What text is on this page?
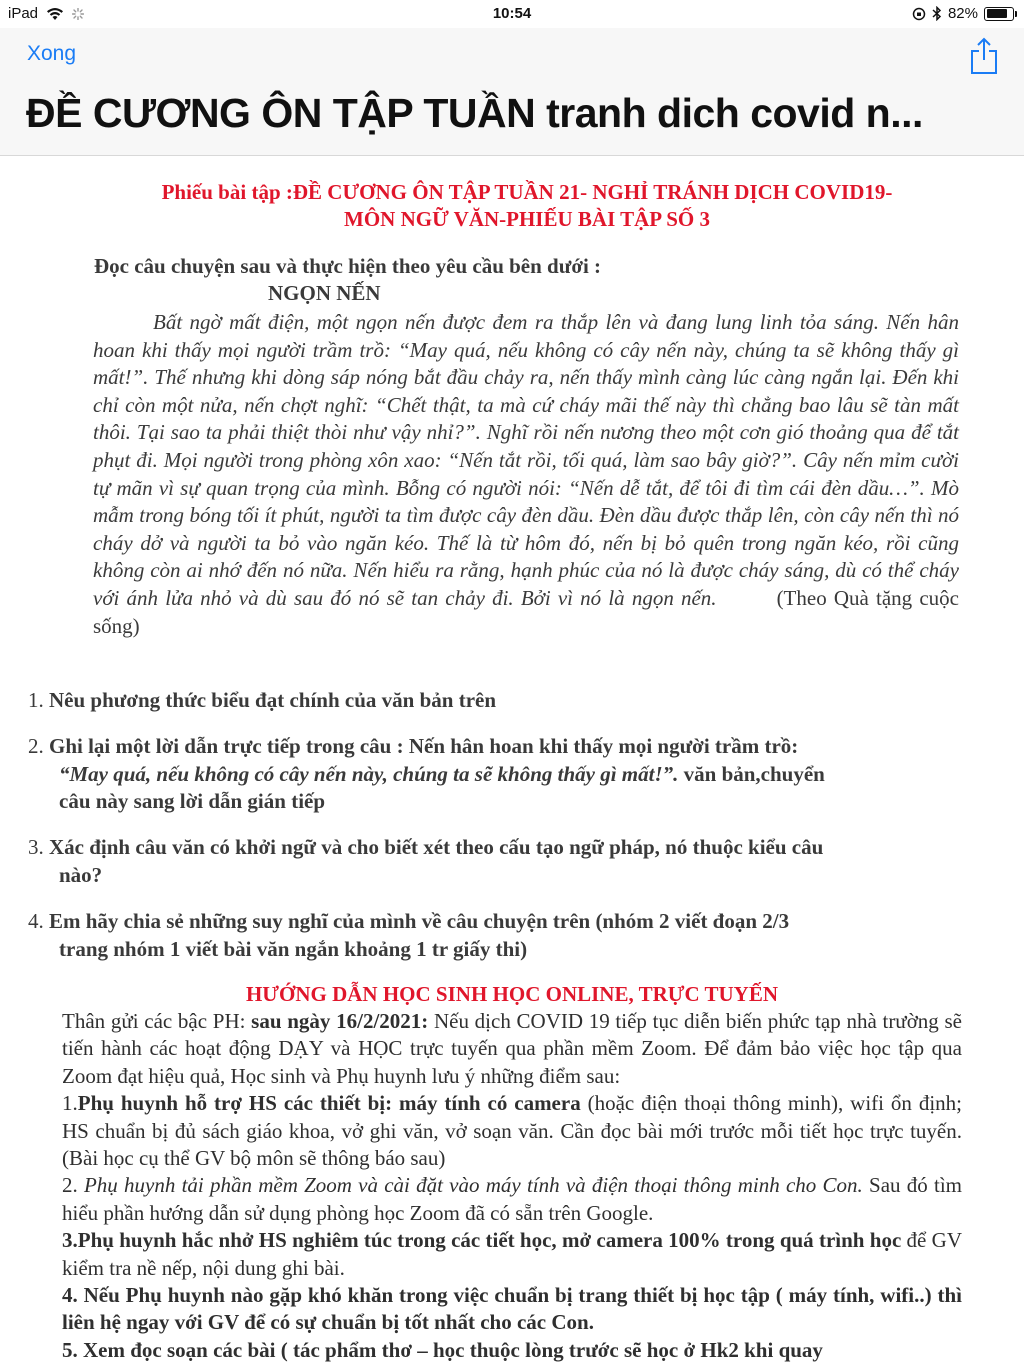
iPad	10:54	82%
Xong
ĐỀ CƯƠNG ÔN TẬP TUẦN tranh dich covid n...
Phiếu bài tập :ĐỀ CƯƠNG ÔN TẬP TUẦN 21- NGHỈ TRÁNH DỊCH COVID19-
MÔN NGỮ VĂN-PHIẾU BÀI TẬP SỐ 3
Đọc câu chuyện sau và thực hiện theo yêu cầu bên dưới :
NGỌN NẾN
Bất ngờ mất điện, một ngọn nến được đem ra thắp lên và đang lung linh tỏa sáng. Nến hân hoan khi thấy mọi người trầm trồ: “May quá, nếu không có cây nến này, chúng ta sẽ không thấy gì mất!”. Thế nhưng khi dòng sáp nóng bắt đầu chảy ra, nến thấy mình càng lúc càng ngắn lại. Đến khi chỉ còn một nửa, nến chợt nghĩ: “Chết thật, ta mà cứ cháy mãi thế này thì chẳng bao lâu sẽ tàn mất thôi. Tại sao ta phải thiệt thòi như vậy nhỉ?”. Nghĩ rồi nến nương theo một cơn gió thoảng qua để tắt phụt đi. Mọi người trong phòng xôn xao: “Nến tắt rồi, tối quá, làm sao bây giờ?”. Cây nến mỉm cười tự mãn vì sự quan trọng của mình. Bỗng có người nói: “Nến dễ tắt, để tôi đi tìm cái đèn dầu…”. Mò mẫm trong bóng tối ít phút, người ta tìm được cây đèn dầu. Đèn dầu được thắp lên, còn cây nến thì nó cháy dở và người ta bỏ vào ngăn kéo. Thế là từ hôm đó, nến bị bỏ quên trong ngăn kéo, rồi cũng không còn ai nhớ đến nó nữa. Nến hiểu ra rằng, hạnh phúc của nó là được cháy sáng, dù có thể cháy với ánh lửa nhỏ và dù sau đó nó sẽ tan chảy đi. Bởi vì nó là ngọn nến.	(Theo Quà tặng cuộc sống)
1. Nêu phương thức biểu đạt chính của văn bản trên
2. Ghi lại một lời dẫn trực tiếp trong câu : Nến hân hoan khi thấy mọi người trầm trồ:
“May quá, nếu không có cây nến này, chúng ta sẽ không thấy gì mất!”. văn bản,chuyển
câu này sang lời dẫn gián tiếp
3. Xác định câu văn có khởi ngữ và cho biết xét theo cấu tạo ngữ pháp, nó thuộc kiểu câu
nào?
4. Em hãy chia sẻ những suy nghĩ của mình về câu chuyện trên (nhóm 2 viết đoạn 2/3
trang nhóm 1 viết bài văn ngắn khoảng 1 tr giấy thi)
HƯỚNG DẪN HỌC SINH HỌC ONLINE, TRỰC TUYẾN
Thân gửi các bậc PH: sau ngày 16/2/2021: Nếu dịch COVID 19 tiếp tục diễn biến phức tạp nhà trường sẽ tiến hành các hoạt động DẠY và HỌC trực tuyến qua phần mềm Zoom. Để đảm bảo việc học tập qua Zoom đạt hiệu quả, Học sinh và Phụ huynh lưu ý những điểm sau:
1.Phụ huynh hỗ trợ HS các thiết bị: máy tính có camera (hoặc điện thoại thông minh), wifi ổn định; HS chuẩn bị đủ sách giáo khoa, vở ghi văn, vở soạn văn. Cần đọc bài mới trước mỗi tiết học trực tuyến. (Bài học cụ thể GV bộ môn sẽ thông báo sau)
2. Phụ huynh tải phần mềm Zoom và cài đặt vào máy tính và điện thoại thông minh cho Con. Sau đó tìm hiểu phần hướng dẫn sử dụng phòng học Zoom đã có sẵn trên Google.
3.Phụ huynh hắc nhở HS nghiêm túc trong các tiết học, mở camera 100% trong quá trình học để GV kiểm tra nề nếp, nội dung ghi bài.
4. Nếu Phụ huynh nào gặp khó khăn trong việc chuẩn bị trang thiết bị học tập ( máy tính, wifi..) thì liên hệ ngay với GV để có sự chuẩn bị tốt nhất cho các Con.
5. Xem đọc soạn các bài ( tác phẩm thơ – học thuộc lòng trước sẽ học ở Hk2 khi quay
